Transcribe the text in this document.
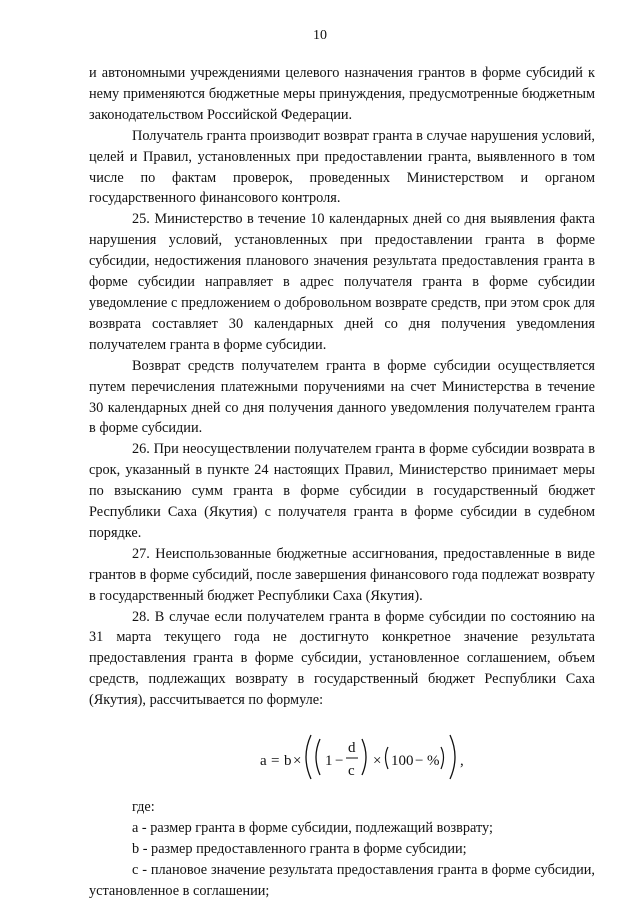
10

и автономными учреждениями целевого назначения грантов в форме субсидий к нему применяются бюджетные меры принуждения, предусмотренные бюджетным законодательством Российской Федерации.

Получатель гранта производит возврат гранта в случае нарушения условий, целей и Правил, установленных при предоставлении гранта, выявленного в том числе по фактам проверок, проведенных Министерством и органом государственного финансового контроля.

25. Министерство в течение 10 календарных дней со дня выявления факта нарушения условий, установленных при предоставлении гранта в форме субсидии, недостижения планового значения результата предоставления гранта в форме субсидии направляет в адрес получателя гранта в форме субсидии уведомление с предложением о добровольном возврате средств, при этом срок для возврата составляет 30 календарных дней со дня получения уведомления получателем гранта в форме субсидии.

Возврат средств получателем гранта в форме субсидии осуществляется путем перечисления платежными поручениями на счет Министерства в течение 30 календарных дней со дня получения данного уведомления получателем гранта в форме субсидии.

26. При неосуществлении получателем гранта в форме субсидии возврата в срок, указанный в пункте 24 настоящих Правил, Министерство принимает меры по взысканию сумм гранта в форме субсидии в государственный бюджет Республики Саха (Якутия) с получателя гранта в форме субсидии в судебном порядке.

27. Неиспользованные бюджетные ассигнования, предоставленные в виде грантов в форме субсидий, после завершения финансового года подлежат возврату в государственный бюджет Республики Саха (Якутия).

28. В случае если получателем гранта в форме субсидии по состоянию на 31 марта текущего года не достигнуто конкретное значение результата предоставления гранта в форме субсидии, установленное соглашением, объем средств, подлежащих возврату в государственный бюджет Республики Саха (Якутия), рассчитывается по формуле:

a = b × 1 −
d
c
× 100 − % ,

где:

a - размер гранта в форме субсидии, подлежащий возврату;

b - размер предоставленного гранта в форме субсидии;

c - плановое значение результата предоставления гранта в форме субсидии, установленное в соглашении;
